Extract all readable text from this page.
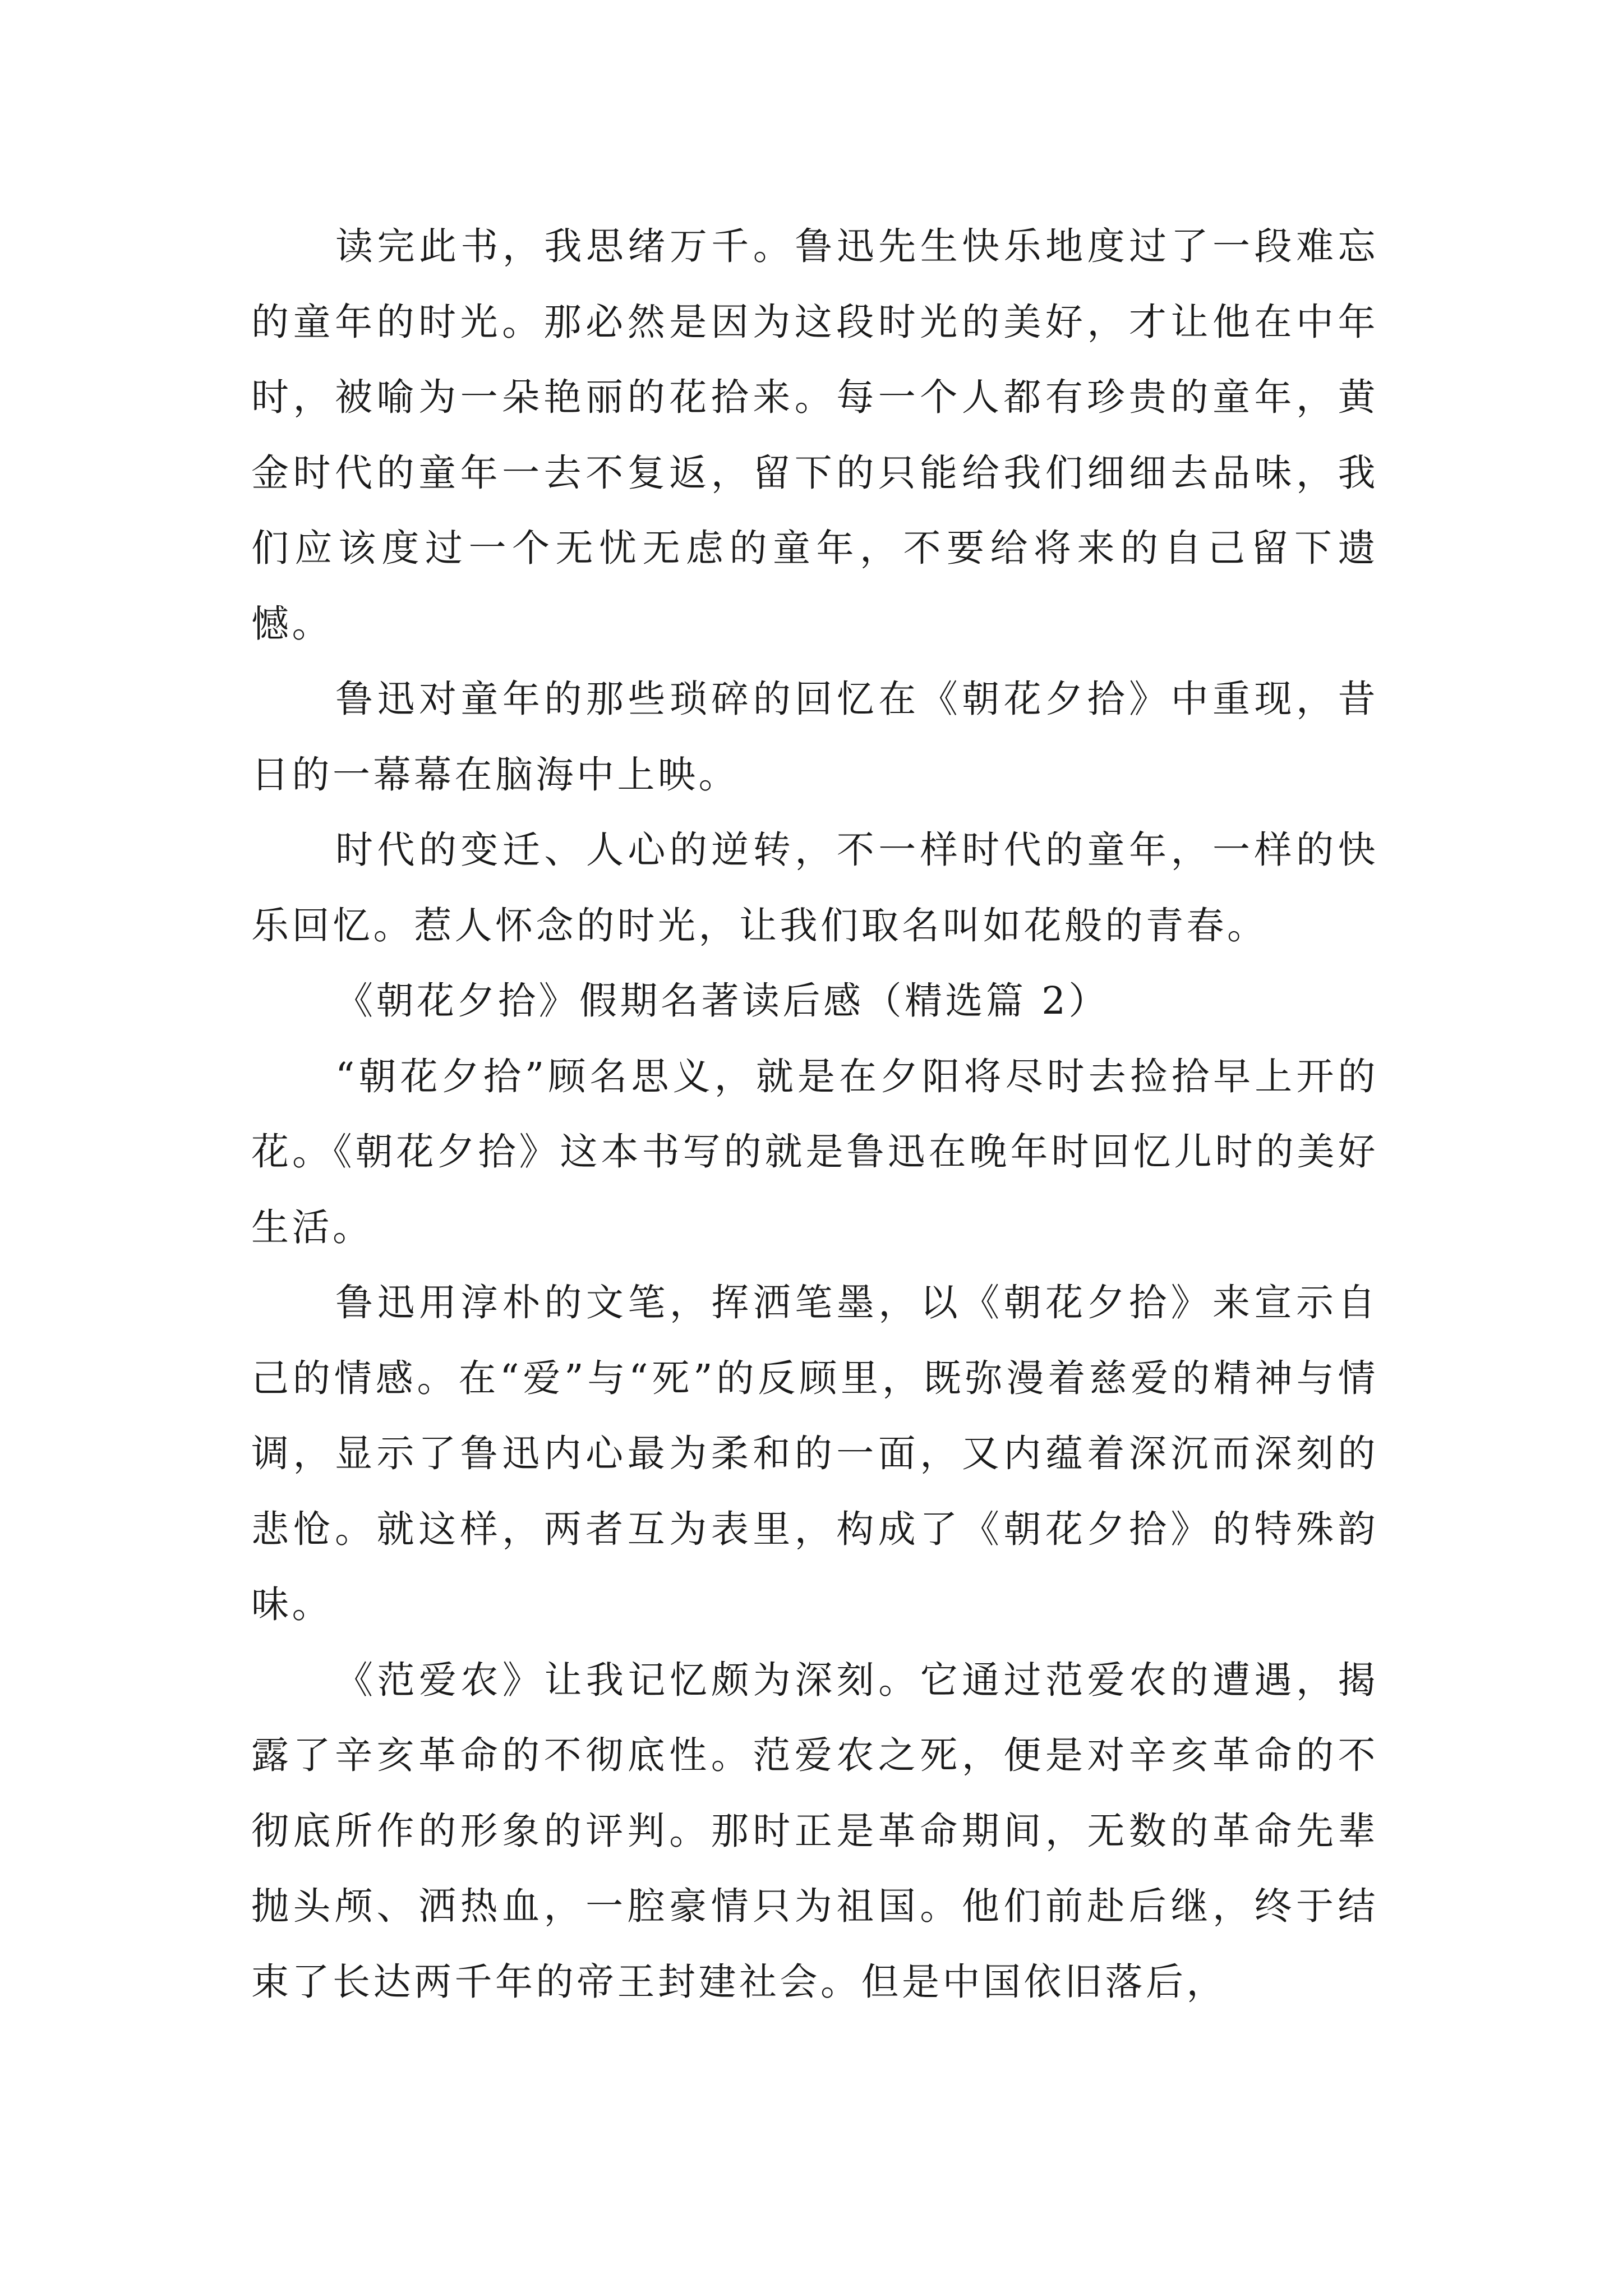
读完此书，我思绪万千。鲁迅先生快乐地度过了一段难忘的童年的时光。那必然是因为这段时光的美好，才让他在中年时，被喻为一朵艳丽的花拾来。每一个人都有珍贵的童年，黄金时代的童年一去不复返，留下的只能给我们细细去品味，我们应该度过一个无忧无虑的童年，不要给将来的自己留下遗憾。

鲁迅对童年的那些琐碎的回忆在《朝花夕拾》中重现，昔日的一幕幕在脑海中上映。

时代的变迁、人心的逆转，不一样时代的童年，一样的快乐回忆。惹人怀念的时光，让我们取名叫如花般的青春。

《朝花夕拾》假期名著读后感（精选篇 2）

“朝花夕拾”顾名思义，就是在夕阳将尽时去捡拾早上开的花。《朝花夕拾》这本书写的就是鲁迅在晚年时回忆儿时的美好生活。

鲁迅用淳朴的文笔，挥洒笔墨，以《朝花夕拾》来宣示自己的情感。在“爱”与“死”的反顾里，既弥漫着慈爱的精神与情调，显示了鲁迅内心最为柔和的一面，又内蕴着深沉而深刻的悲怆。就这样，两者互为表里，构成了《朝花夕拾》的特殊韵味。

《范爱农》让我记忆颇为深刻。它通过范爱农的遭遇，揭露了辛亥革命的不彻底性。范爱农之死，便是对辛亥革命的不彻底所作的形象的评判。那时正是革命期间，无数的革命先辈抛头颅、洒热血，一腔豪情只为祖国。他们前赴后继，终于结束了长达两千年的帝王封建社会。但是中国依旧落后，
